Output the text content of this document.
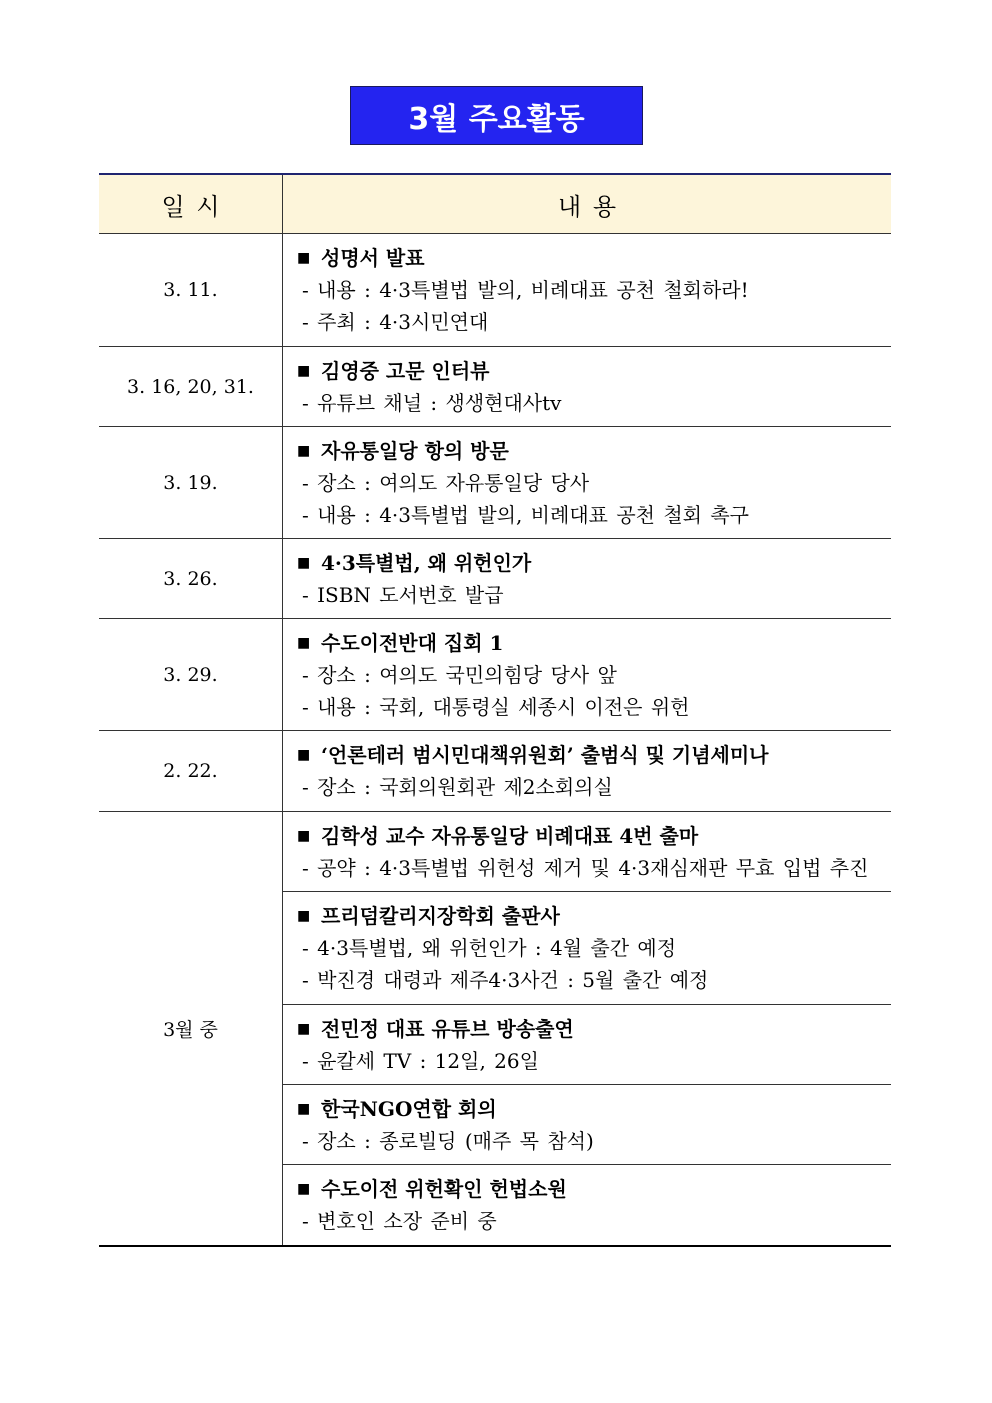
3월 주요활동
일 시	내 용
3. 11.
■ 성명서 발표
- 내용 : 4·3특별법 발의, 비례대표 공천 철회하라!
- 주최 : 4·3시민연대
3. 16, 20, 31.
■ 김영중 고문 인터뷰
- 유튜브 채널 : 생생현대사tv
3. 19.
■ 자유통일당 항의 방문
- 장소 : 여의도 자유통일당 당사
- 내용 : 4·3특별법 발의, 비례대표 공천 철회 촉구
3. 26.
■ 4·3특별법, 왜 위헌인가
- ISBN 도서번호 발급
3. 29.
■ 수도이전반대 집회 1
- 장소 : 여의도 국민의힘당 당사 앞
- 내용 : 국회, 대통령실 세종시 이전은 위헌
2. 22.
■ ‘언론테러 범시민대책위원회’ 출범식 및 기념세미나
- 장소 : 국회의원회관 제2소회의실
3월 중
■ 김학성 교수 자유통일당 비례대표 4번 출마
- 공약 : 4·3특별법 위헌성 제거 및 4·3재심재판 무효 입법 추진
■ 프리덤칼리지장학회 출판사
- 4·3특별법, 왜 위헌인가 : 4월 출간 예정
- 박진경 대령과 제주4·3사건 : 5월 출간 예정
■ 전민정 대표 유튜브 방송출연
- 윤칼세 TV : 12일, 26일
■ 한국NGO연합 회의
- 장소 : 종로빌딩 (매주 목 참석)
■ 수도이전 위헌확인 헌법소원
- 변호인 소장 준비 중
